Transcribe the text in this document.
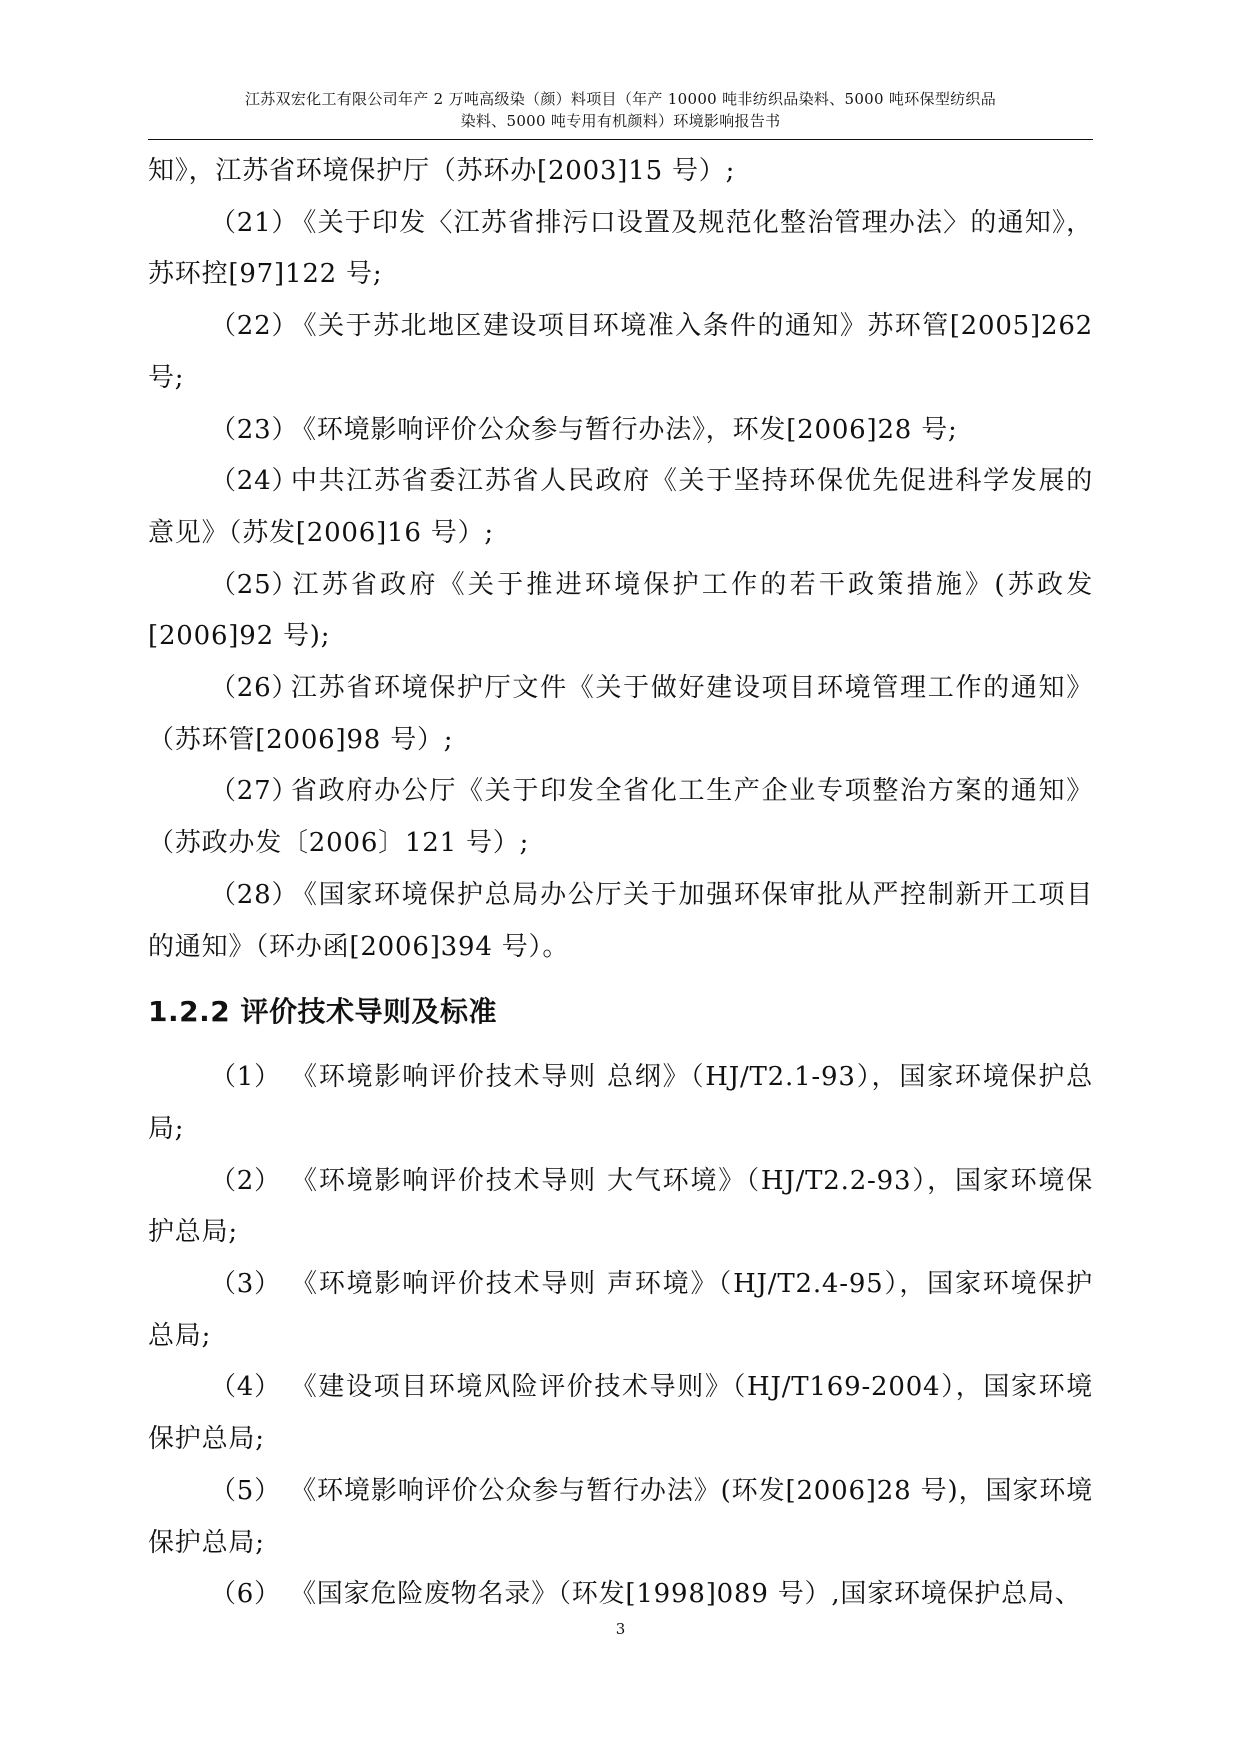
江苏双宏化工有限公司年产 2 万吨高级染（颜）料项目（年产 10000 吨非纺织品染料、5000 吨环保型纺织品
染料、5000 吨专用有机颜料）环境影响报告书

知》，江苏省环境保护厅（苏环办[2003]15 号）;

（21）《关于印发〈江苏省排污口设置及规范化整治管理办法〉的通知》，苏环控[97]122 号;

（22）《关于苏北地区建设项目环境准入条件的通知》苏环管[2005]262 号;

（23）《环境影响评价公众参与暂行办法》，环发[2006]28 号;

（24）中共江苏省委江苏省人民政府《关于坚持环保优先促进科学发展的意见》（苏发[2006]16 号）;

（25）江苏省政府《关于推进环境保护工作的若干政策措施》(苏政发[2006]92 号);

（26）江苏省环境保护厅文件《关于做好建设项目环境管理工作的通知》（苏环管[2006]98 号）;

（27）省政府办公厅《关于印发全省化工生产企业专项整治方案的通知》（苏政办发〔2006〕121 号）;

（28）《国家环境保护总局办公厅关于加强环保审批从严控制新开工项目的通知》（环办函[2006]394 号）。

1.2.2 评价技术导则及标准

（1） 《环境影响评价技术导则 总纲》（HJ/T2.1-93），国家环境保护总局;

（2） 《环境影响评价技术导则 大气环境》（HJ/T2.2-93），国家环境保护总局;

（3） 《环境影响评价技术导则 声环境》（HJ/T2.4-95），国家环境保护总局;

（4） 《建设项目环境风险评价技术导则》（HJ/T169-2004），国家环境保护总局;

（5） 《环境影响评价公众参与暂行办法》(环发[2006]28 号)，国家环境保护总局;

（6） 《国家危险废物名录》（环发[1998]089 号）,国家环境保护总局、

3
